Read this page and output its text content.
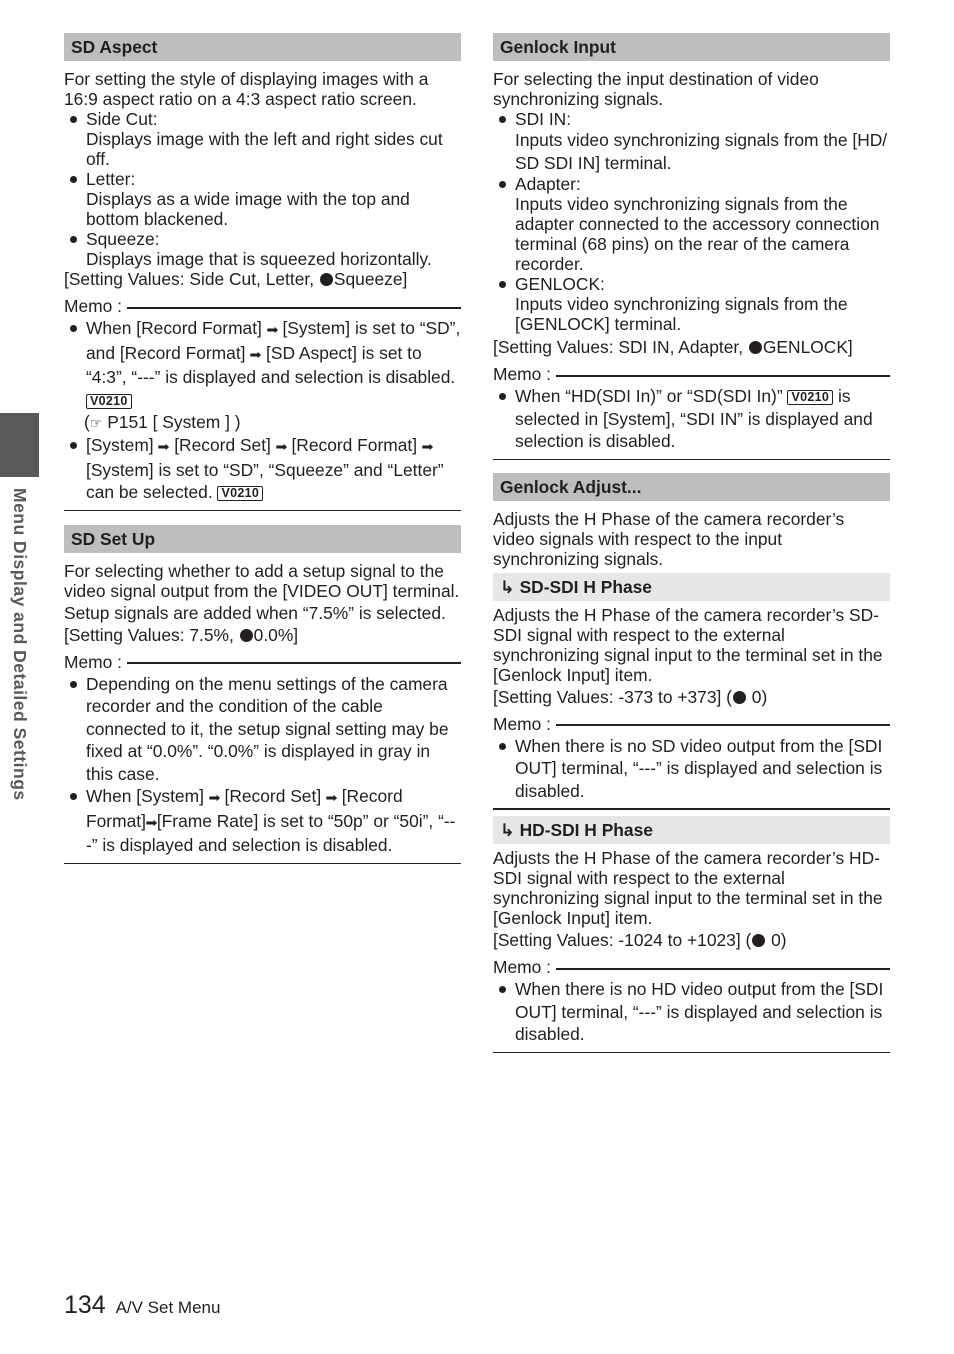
Menu Display and Detailed Settings
SD Aspect

For setting the style of displaying images with a 16:9 aspect ratio on a 4:3 aspect ratio screen.

Side Cut:
Displays image with the left and right sides cut off.
Letter:
Displays as a wide image with the top and bottom blackened.
Squeeze:
Displays image that is squeezed horizontally.

[Setting Values: Side Cut, Letter, Squeeze]

Memo :
When [Record Format] ➡ [System] is set to “SD”, and [Record Format] ➡ [SD Aspect] is set to “4:3”, “---” is displayed and selection is disabled. V0210
(☞ P151 [ System ] )
[System] ➡ [Record Set] ➡ [Record Format] ➡ [System] is set to “SD”, “Squeeze” and “Letter” can be selected. V0210
SD Set Up

For selecting whether to add a setup signal to the video signal output from the [VIDEO OUT] terminal.

Setup signals are added when “7.5%” is selected.

[Setting Values: 7.5%, 0.0%]

Memo :
Depending on the menu settings of the camera recorder and the condition of the cable connected to it, the setup signal setting may be fixed at “0.0%”. “0.0%” is displayed in gray in this case.
When [System] ➡ [Record Set] ➡ [Record Format]➡[Frame Rate] is set to “50p” or “50i”, “---” is displayed and selection is disabled.
Genlock Input

For selecting the input destination of video synchronizing signals.

SDI IN:
Inputs video synchronizing signals from the [HD/ SD SDI IN] terminal.
Adapter:
Inputs video synchronizing signals from the adapter connected to the accessory connection terminal (68 pins) on the rear of the camera recorder.
GENLOCK:
Inputs video synchronizing signals from the [GENLOCK] terminal.

[Setting Values: SDI IN, Adapter, GENLOCK]

Memo :
When “HD(SDI In)” or “SD(SDI In)” V0210 is selected in [System], “SDI IN” is displayed and selection is disabled.
Genlock Adjust...

Adjusts the H Phase of the camera recorder’s video signals with respect to the input synchronizing signals.

↳ SD-SDI H Phase

Adjusts the H Phase of the camera recorder’s SD-SDI signal with respect to the external synchronizing signal input to the terminal set in the [Genlock Input] item.

[Setting Values: -373 to +373] ( 0)

Memo :
When there is no SD video output from the [SDI OUT] terminal, “---” is displayed and selection is disabled.
↳ HD-SDI H Phase

Adjusts the H Phase of the camera recorder’s HD-SDI signal with respect to the external synchronizing signal input to the terminal set in the [Genlock Input] item.

[Setting Values: -1024 to +1023] ( 0)

Memo :
When there is no HD video output from the [SDI OUT] terminal, “---” is displayed and selection is disabled.
134 A/V Set Menu
